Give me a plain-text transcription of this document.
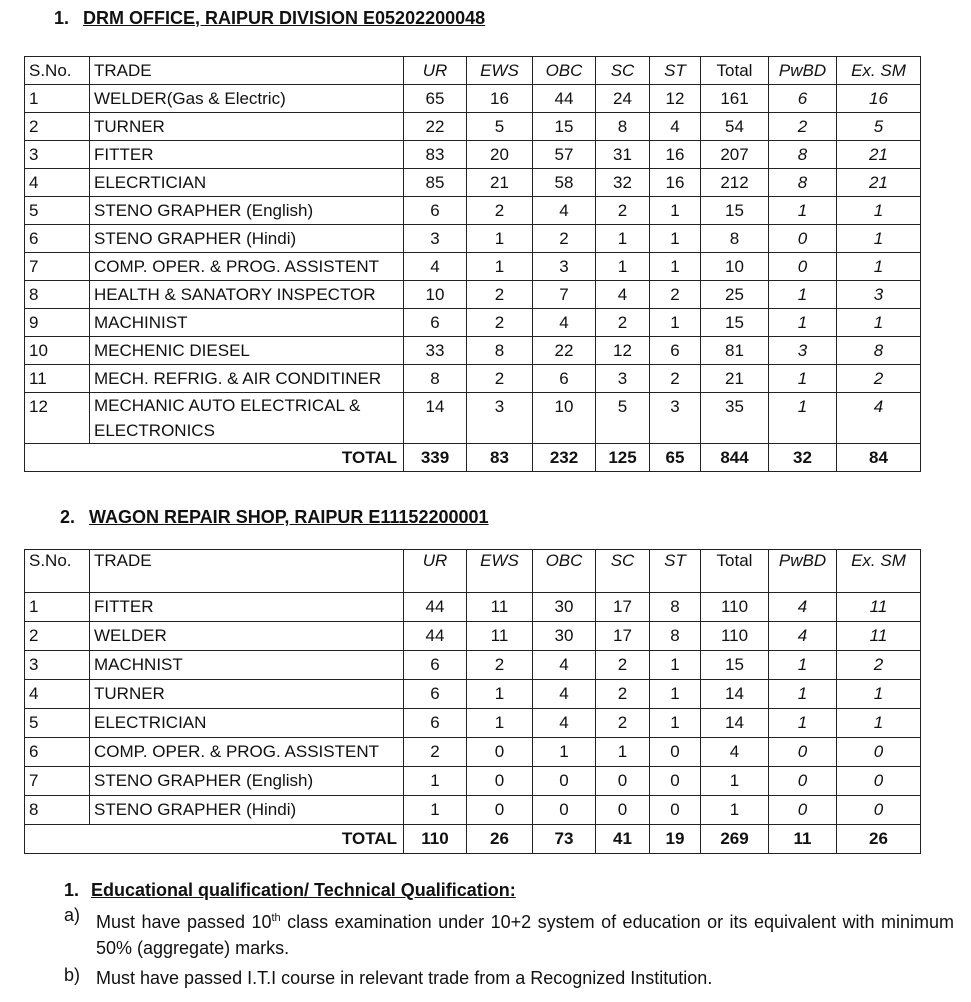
1. DRM OFFICE, RAIPUR DIVISION E05202200048
S.No.	TRADE	UR	EWS	OBC	SC	ST	Total	PwBD	Ex. SM
1	WELDER(Gas & Electric)	65	16	44	24	12	161	6	16
2	TURNER	22	5	15	8	4	54	2	5
3	FITTER	83	20	57	31	16	207	8	21
4	ELECRTICIAN	85	21	58	32	16	212	8	21
5	STENO GRAPHER (English)	6	2	4	2	1	15	1	1
6	STENO GRAPHER (Hindi)	3	1	2	1	1	8	0	1
7	COMP. OPER. & PROG. ASSISTENT	4	1	3	1	1	10	0	1
8	HEALTH & SANATORY INSPECTOR	10	2	7	4	2	25	1	3
9	MACHINIST	6	2	4	2	1	15	1	1
10	MECHENIC DIESEL	33	8	22	12	6	81	3	8
11	MECH. REFRIG. & AIR CONDITINER	8	2	6	3	2	21	1	2
12	MECHANIC AUTO ELECTRICAL & ELECTRONICS	14	3	10	5	3	35	1	4
TOTAL		339	83	232	125	65	844	32	84
2. WAGON REPAIR SHOP, RAIPUR E11152200001
S.No.	TRADE	UR	EWS	OBC	SC	ST	Total	PwBD	Ex. SM
1	FITTER	44	11	30	17	8	110	4	11
2	WELDER	44	11	30	17	8	110	4	11
3	MACHNIST	6	2	4	2	1	15	1	2
4	TURNER	6	1	4	2	1	14	1	1
5	ELECTRICIAN	6	1	4	2	1	14	1	1
6	COMP. OPER. & PROG. ASSISTENT	2	0	1	1	0	4	0	0
7	STENO GRAPHER (English)	1	0	0	0	0	1	0	0
8	STENO GRAPHER (Hindi)	1	0	0	0	0	1	0	0
TOTAL		110	26	73	41	19	269	11	26
1. Educational qualification/ Technical Qualification:
a) Must have passed 10th class examination under 10+2 system of education or its equivalent with minimum 50% (aggregate) marks.
b) Must have passed I.T.I course in relevant trade from a Recognized Institution.
